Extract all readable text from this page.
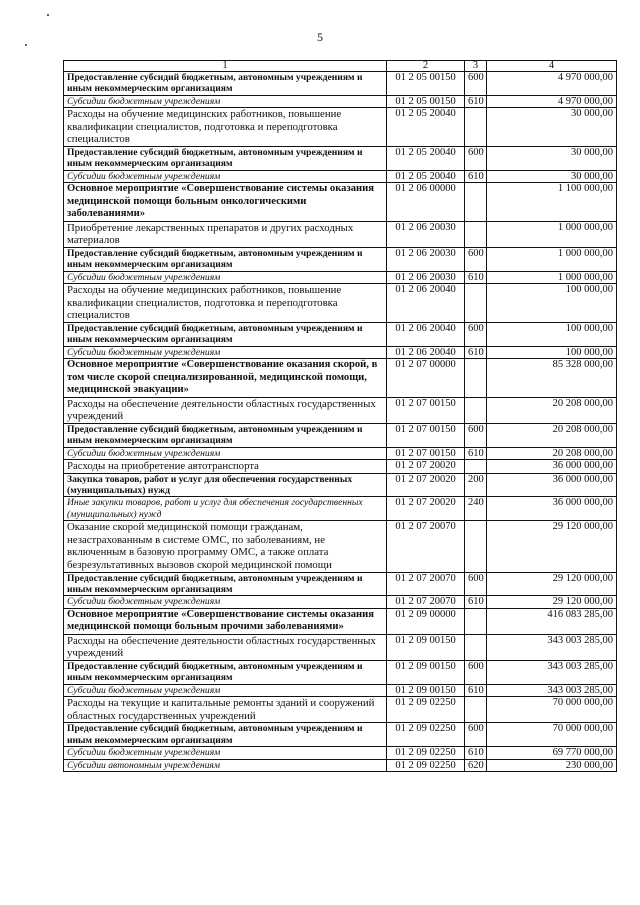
5
1	2	3	4
Предоставление субсидий бюджетным, автономным учреждениям и иным некоммерческим организациям	01 2 05 00150	600	4 970 000,00
Субсидии бюджетным учреждениям	01 2 05 00150	610	4 970 000,00
Расходы на обучение медицинских работников, повышение квалификации специалистов, подготовка и переподготовка специалистов	01 2 05 20040		30 000,00
Предоставление субсидий бюджетным, автономным учреждениям и иным некоммерческим организациям	01 2 05 20040	600	30 000,00
Субсидии бюджетным учреждениям	01 2 05 20040	610	30 000,00
Основное мероприятие «Совершенствование системы оказания медицинской помощи больным онкологическими заболеваниями»	01 2 06 00000		1 100 000,00
Приобретение лекарственных препаратов и других расходных материалов	01 2 06 20030		1 000 000,00
Предоставление субсидий бюджетным, автономным учреждениям и иным некоммерческим организациям	01 2 06 20030	600	1 000 000,00
Субсидии бюджетным учреждениям	01 2 06 20030	610	1 000 000,00
Расходы на обучение медицинских работников, повышение квалификации специалистов, подготовка и переподготовка специалистов	01 2 06 20040		100 000,00
Предоставление субсидий бюджетным, автономным учреждениям и иным некоммерческим организациям	01 2 06 20040	600	100 000,00
Субсидии бюджетным учреждениям	01 2 06 20040	610	100 000,00
Основное мероприятие «Совершенствование оказания скорой, в том числе скорой специализированной, медицинской помощи, медицинской эвакуации»	01 2 07 00000		85 328 000,00
Расходы на обеспечение деятельности областных государственных учреждений	01 2 07 00150		20 208 000,00
Предоставление субсидий бюджетным, автономным учреждениям и иным некоммерческим организациям	01 2 07 00150	600	20 208 000,00
Субсидии бюджетным учреждениям	01 2 07 00150	610	20 208 000,00
Расходы на приобретение автотранспорта	01 2 07 20020		36 000 000,00
Закупка товаров, работ и услуг для обеспечения государственных (муниципальных) нужд	01 2 07 20020	200	36 000 000,00
Иные закупки товаров, работ и услуг для обеспечения государственных (муниципальных) нужд	01 2 07 20020	240	36 000 000,00
Оказание скорой медицинской помощи гражданам, незастрахованным в системе ОМС, по заболеваниям, не включенным в базовую программу ОМС, а также оплата безрезультативных вызовов скорой медицинской помощи	01 2 07 20070		29 120 000,00
Предоставление субсидий бюджетным, автономным учреждениям и иным некоммерческим организациям	01 2 07 20070	600	29 120 000,00
Субсидии бюджетным учреждениям	01 2 07 20070	610	29 120 000,00
Основное мероприятие «Совершенствование системы оказания медицинской помощи больным прочими заболеваниями»	01 2 09 00000		416 083 285,00
Расходы на обеспечение деятельности областных государственных учреждений	01 2 09 00150		343 003 285,00
Предоставление субсидий бюджетным, автономным учреждениям и иным некоммерческим организациям	01 2 09 00150	600	343 003 285,00
Субсидии бюджетным учреждениям	01 2 09 00150	610	343 003 285,00
Расходы на текущие и капитальные ремонты зданий и сооружений областных государственных учреждений	01 2 09 02250		70 000 000,00
Предоставление субсидий бюджетным, автономным учреждениям и иным некоммерческим организациям	01 2 09 02250	600	70 000 000,00
Субсидии бюджетным учреждениям	01 2 09 02250	610	69 770 000,00
Субсидии автономным учреждениям	01 2 09 02250	620	230 000,00
